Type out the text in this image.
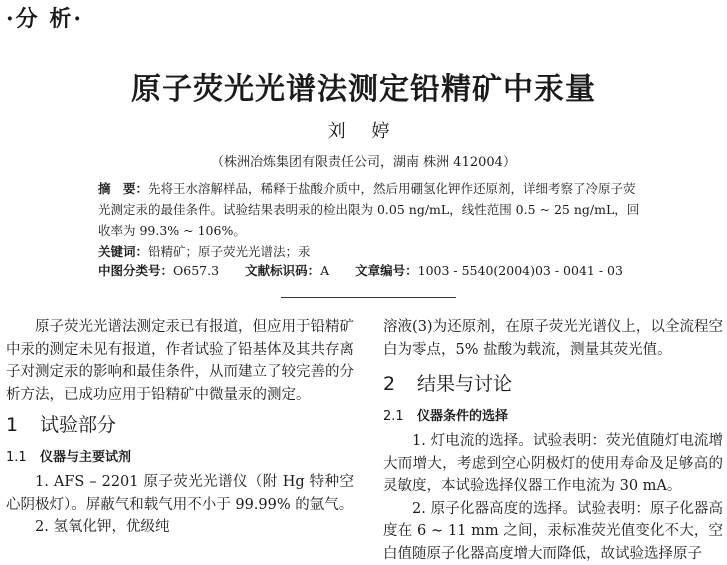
·分 析·
原子荧光光谱法测定铅精矿中汞量
刘 婷
（株洲冶炼集团有限责任公司，湖南 株洲 412004）

摘　要：先将王水溶解样品，稀释于盐酸介质中，然后用硼氢化钾作还原剂，详细考察了冷原子荧光测定汞的最佳条件。试验结果表明汞的检出限为 0.05 ng/mL，线性范围 0.5 ~ 25 ng/mL，回收率为 99.3% ~ 106%。

关键词：铅精矿；原子荧光光谱法；汞

中图分类号：O657.3 文献标识码：A 文章编号：1003 - 5540(2004)03 - 0041 - 03

原子荧光光谱法测定汞已有报道，但应用于铅精矿中汞的测定未见有报道，作者试验了铅基体及其共存离子对测定汞的影响和最佳条件，从而建立了较完善的分析方法，已成功应用于铅精矿中微量汞的测定。

1 试验部分

1.1 仪器与主要试剂

1. AFS – 2201 原子荧光光谱仪（附 Hg 特种空心阴极灯）。屏蔽气和载气用不小于 99.99% 的氩气。

2. 氢氧化钾，优级纯

溶液(3)为还原剂，在原子荧光光谱仪上，以全流程空白为零点，5% 盐酸为载流，测量其荧光值。

2 结果与讨论

2.1 仪器条件的选择

1. 灯电流的选择。试验表明：荧光值随灯电流增大而增大，考虑到空心阴极灯的使用寿命及足够高的灵敏度，本试验选择仪器工作电流为 30 mA。

2. 原子化器高度的选择。试验表明：原子化器高度在 6 ~ 11 mm 之间，汞标准荧光值变化不大，空白值随原子化器高度增大而降低，故试验选择原子
